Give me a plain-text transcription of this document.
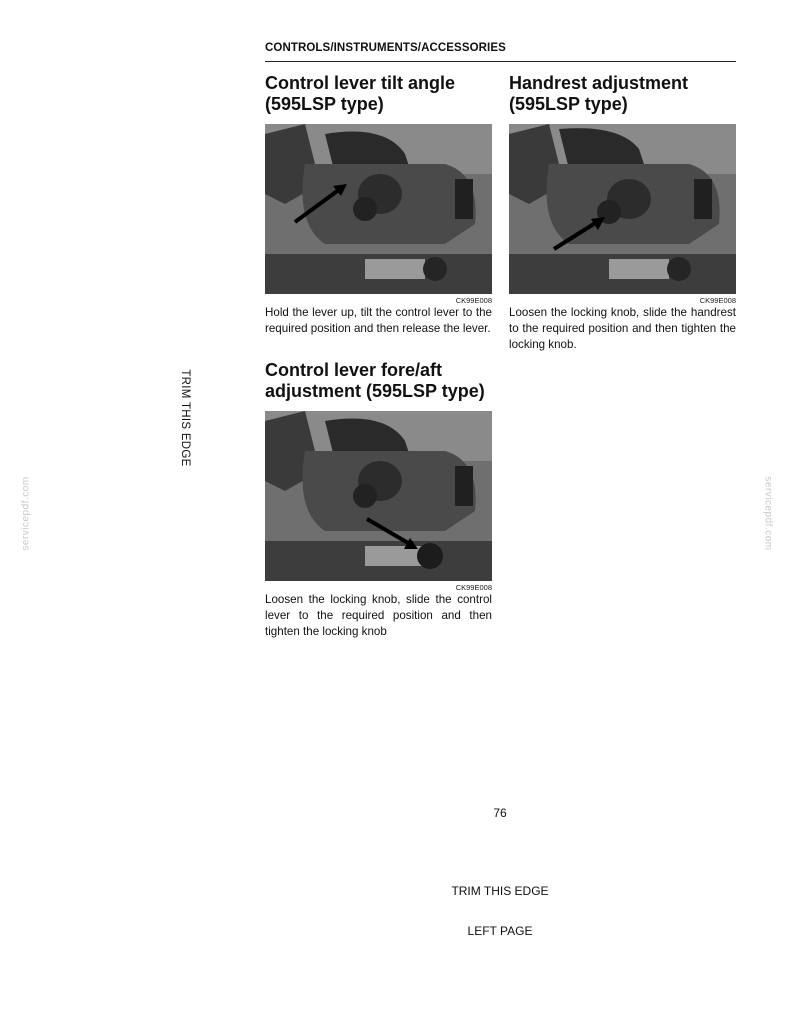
CONTROLS/INSTRUMENTS/ACCESSORIES
Control lever tilt angle
(595LSP type)
CK99E008

Hold the lever up, tilt the control lever to the required position and then release the lever.

Handrest adjustment
(595LSP type)
CK99E008

Loosen the locking knob, slide the handrest to the required position and then tighten the locking knob.

Control lever fore/aft
adjustment (595LSP type)
CK99E008

Loosen the locking knob, slide the control lever to the required position and then tighten the locking knob

TRIM THIS EDGE
servicepdf.com	servicepdf.com
76
TRIM THIS EDGE
LEFT PAGE
